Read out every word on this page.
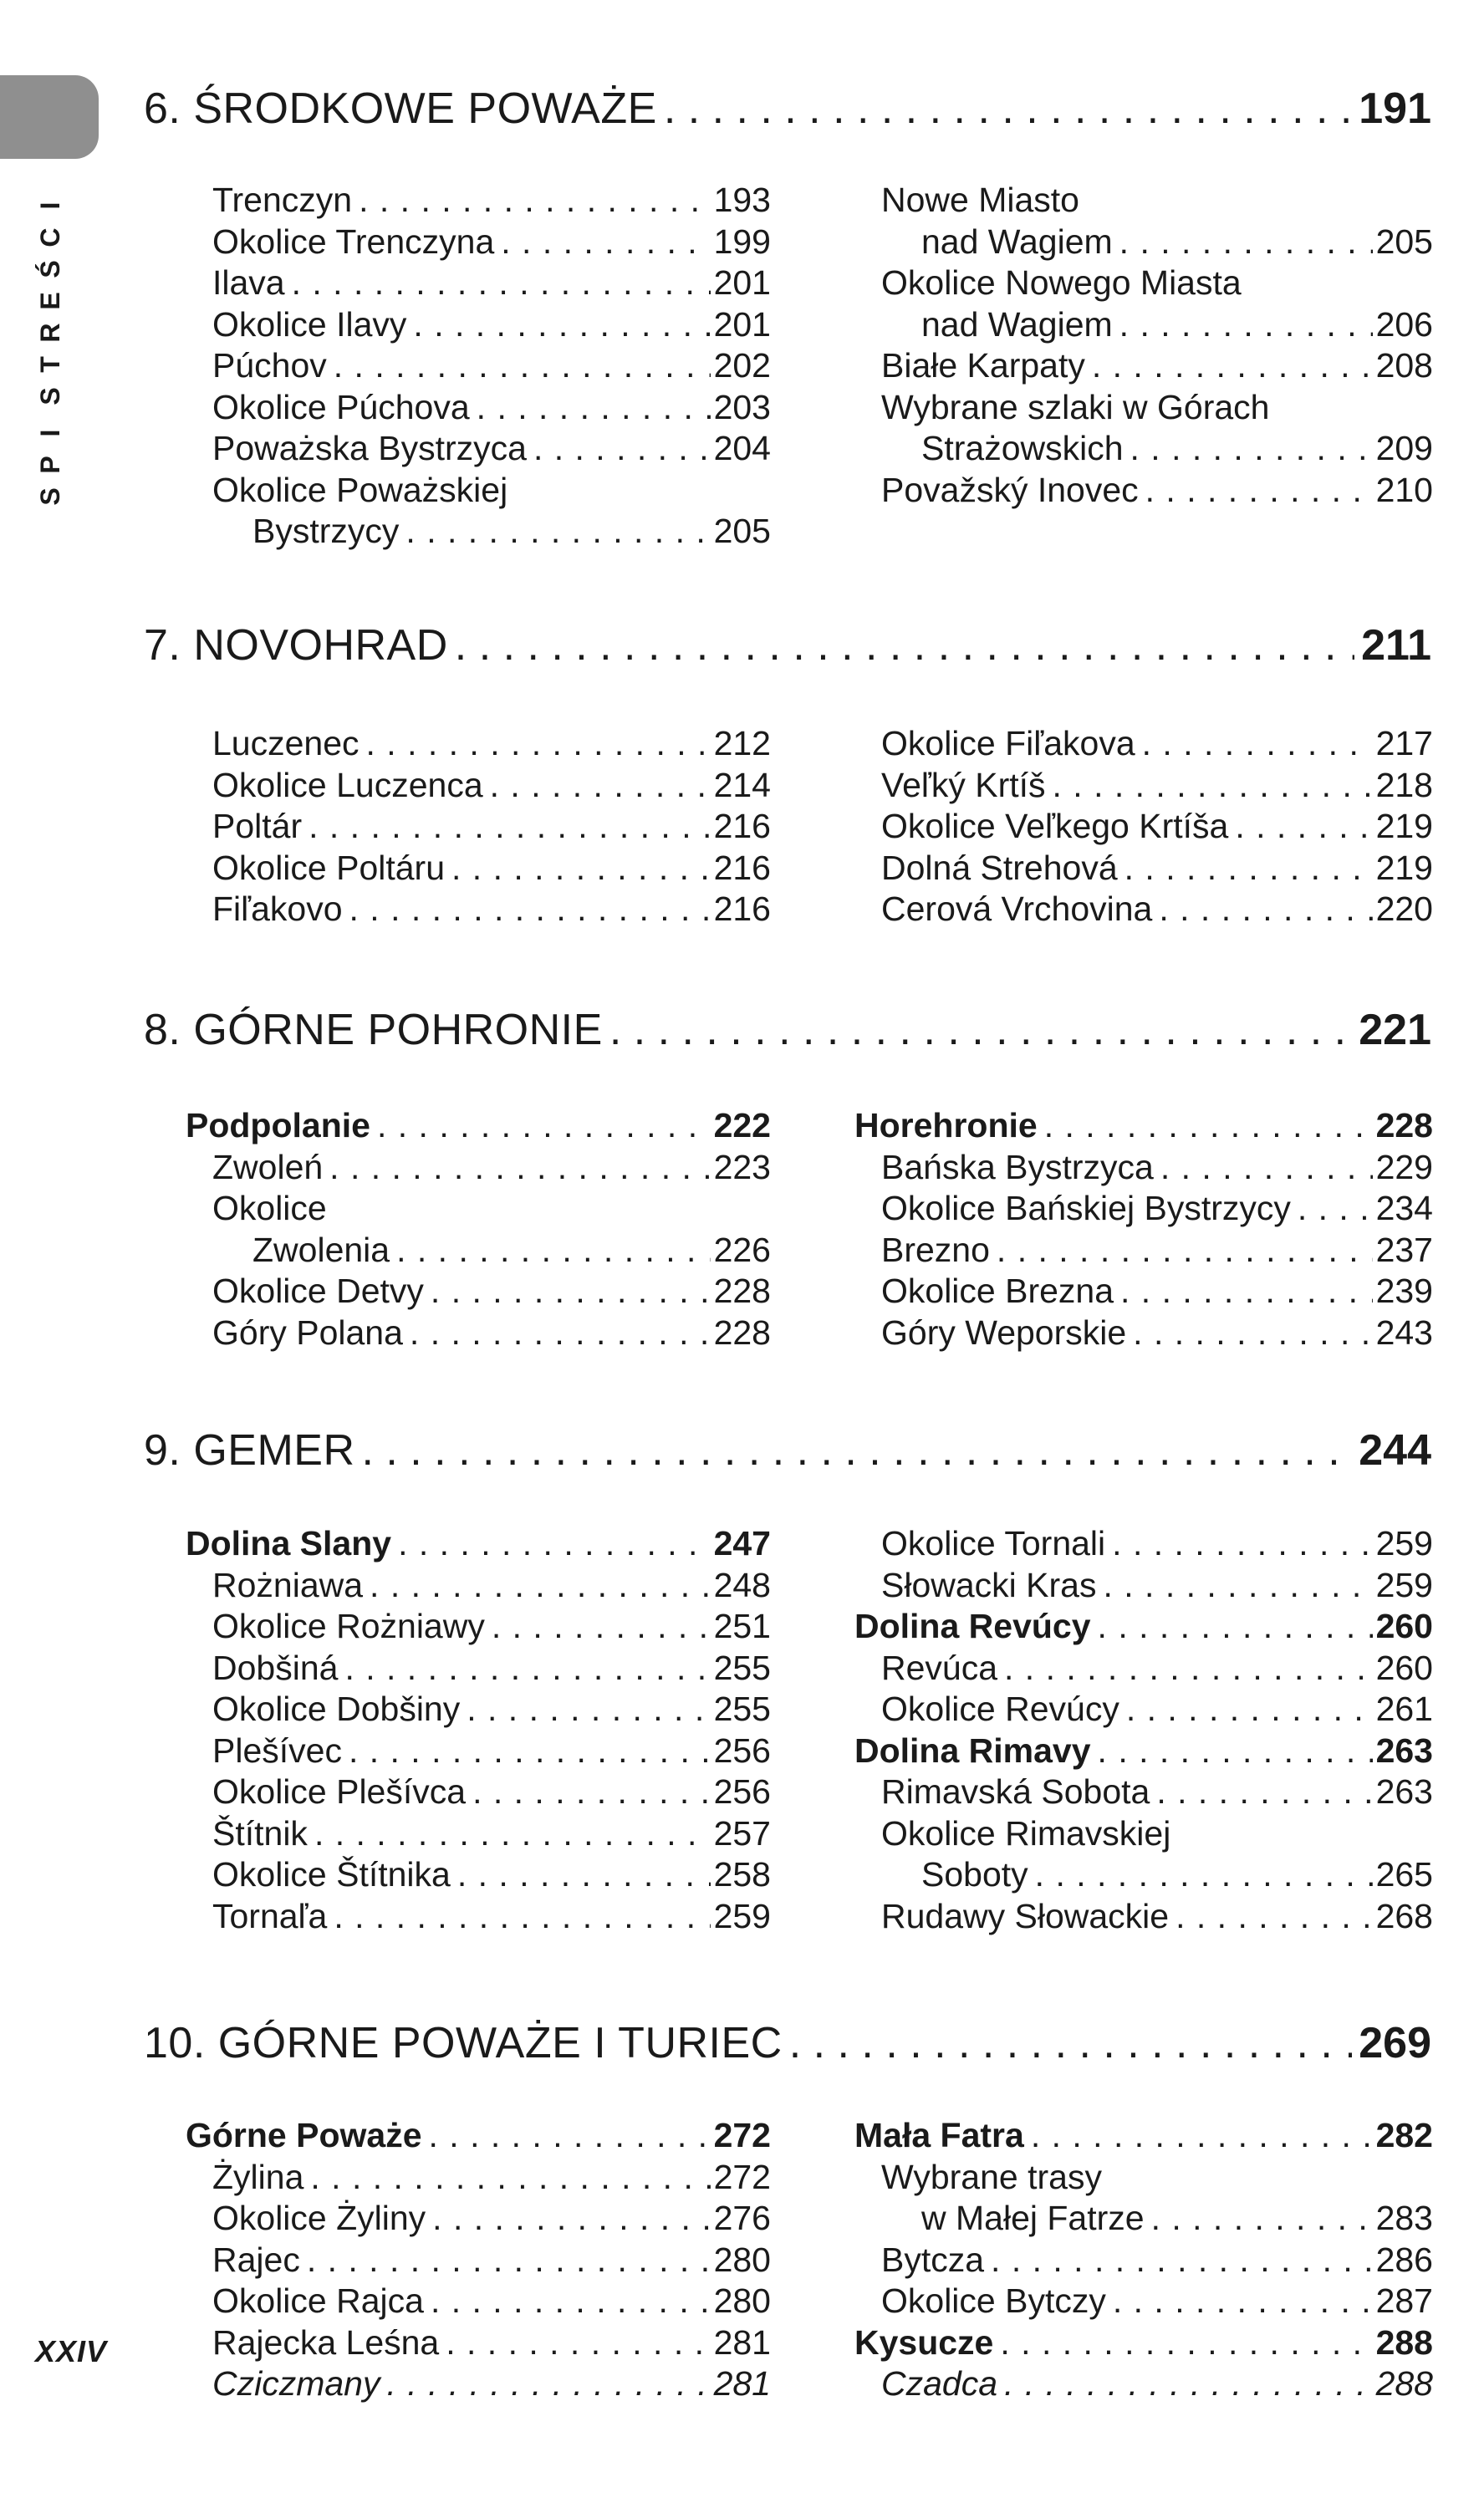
I
C
Ś
E
R
T
S
I
P
S
XXIV
6. ŚRODKOWE POWAŻE . . .	191
Trenczyn . . .	193
Okolice Trenczyna . . .	199
Ilava . . .	201
Okolice Ilavy . . .	201
Púchov . . .	202
Okolice Púchova . . .	203
Poważska Bystrzyca . . .	204
Okolice Poważskiej
Bystrzycy . . .	205
Nowe Miasto
nad Wagiem . . .	205
Okolice Nowego Miasta
nad Wagiem . . .	206
Białe Karpaty . . .	208
Wybrane szlaki w Górach
Strażowskich . . .	209
Považský Inovec . . .	210
7. NOVOHRAD . . .	211
Luczenec . . .	212
Okolice Luczenca . . .	214
Poltár . . .	216
Okolice Poltáru . . .	216
Fiľakovo . . .	216
Okolice Fiľakova . . .	217
Veľký Krtíš . . .	218
Okolice Veľkego Krtíša . . .	219
Dolná Strehová . . .	219
Cerová Vrchovina . . .	220
8. GÓRNE POHRONIE . . .	221
Podpolanie . . .	222
Zwoleń . . .	223
Okolice
Zwolenia . . .	226
Okolice Detvy . . .	228
Góry Polana . . .	228
Horehronie . . .	228
Bańska Bystrzyca . . .	229
Okolice Bańskiej Bystrzycy . . . 234
Brezno . . .	237
Okolice Brezna . . .	239
Góry Weporskie . . .	243
9. GEMER . . .	244
Dolina Slany . . .	247
Rożniawa . . .	248
Okolice Rożniawy . . .	251
Dobšiná . . .	255
Okolice Dobšiny . . .	255
Plešívec . . .	256
Okolice Plešívca . . .	256
Štítnik . . .	257
Okolice Štítnika . . .	258
Tornaľa . . .	259
Okolice Tornali . . .	259
Słowacki Kras . . .	259
Dolina Revúcy . . .	260
Revúca . . .	260
Okolice Revúcy . . .	261
Dolina Rimavy . . .	263
Rimavská Sobota . . .	263
Okolice Rimavskiej
Soboty . . .	265
Rudawy Słowackie . . .	268
10. GÓRNE POWAŻE I TURIEC . . .	269
Górne Poważe . . .	272
Żylina . . .	272
Okolice Żyliny . . .	276
Rajec . . .	280
Okolice Rajca . . .	280
Rajecka Leśna . . .	281
Cziczmany . . .	281
Mała Fatra . . .	282
Wybrane trasy
w Małej Fatrze . . .	283
Bytcza . . .	286
Okolice Bytczy . . .	287
Kysucze . . .	288
Czadca . . .	288
